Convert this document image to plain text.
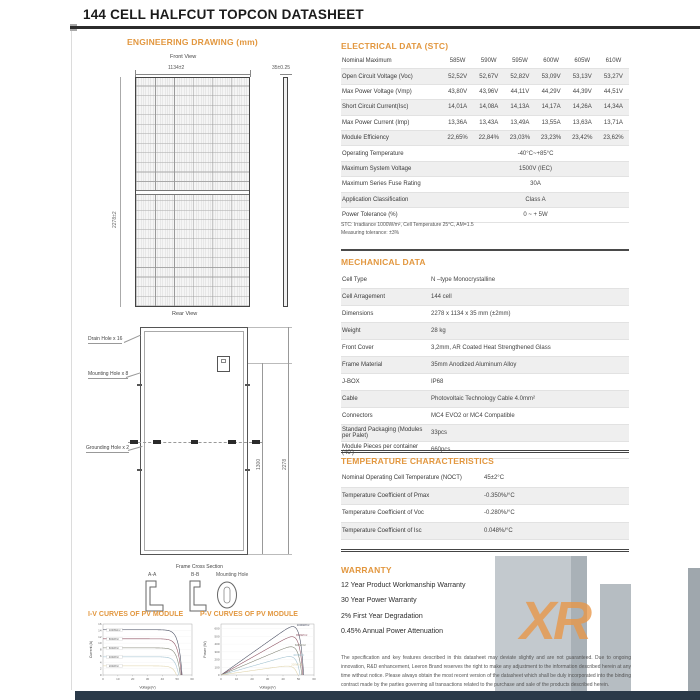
XR
144 CELL HALFCUT TOPCON DATASHEET
ENGINEERING DRAWING (mm)
Front View
1134±2	35±0.25
2278±2
Rear View
Drain Hole x 16
Mounting Hole x 8
Grounding Hole x 2
1300	2278
Frame Cross Section
A-A	B-B	Mounting Hole
I-V CURVES OF PV MODULE P-V CURVES OF PV MODULE
0
2
4
6
8
10
12
14
16
0 10 20 30 40 50 60
Voltage(V)
Current (A)
1000W/m²
800W/m²
600W/m²
400W/m²
200W/m²
0
100
200
300
400
500
600
0 10 20 30 40 50 60
Voltage(V)
Power (W)
1000W/m²
800W/m²
600W/m²
400W/m²
200W/m²
ELECTRICAL DATA (STC)
Nominal Maximum	585W	590W	595W	600W	605W	610W
Open Circuit Voltage (Voc)	52,52V	52,67V	52,82V	53,09V	53,13V	53,27V
Max Power Voltage (Vmp)	43,80V	43,96V	44,11V	44,29V	44,39V	44,51V
Short Circuit Current(Isc)	14,01A	14,08A	14,13A	14,17A	14,26A	14,34A
Max Power Current (Imp)	13,36A	13,43A	13,49A	13,55A	13,63A	13,71A
Module Efficiency	22,65%	22,84%	23,03%	23,23%	23,42%	23,62%
Operating Temperature	-40°C~+85°C
Maximum System Voltage	1500V (IEC)
Maximum Series Fuse Rating	30A
Application Classification	Class A
Power Tolerance (%)	0 ~ + 5W
STC: Irradiance 1000W/m², Cell Temperature 25°C, AM=1.5
Measuring tolerance: ±3%
MECHANICAL DATA
Cell Type	N –type Monocrystalline
Cell Arragement	144 cell
Dimensions	2278 x 1134 x 35 mm (±2mm)
Weight	28 kg
Front Cover	3,2mm, AR Coated Heat Strengthened Glass
Frame Material	35mm Anodized Aluminum Alloy
J-BOX	IP68
Cable	Photovoltaic Technology Cable 4.0mm²
Connectors	MC4 EVO2 or MC4 Compatible
Standard Packaging (Modules per Palet)	33pcs
Module Pieces per container (40')	660pcs
TEMPERATURE CHARACTERISTICS
Nominal Operating Cell Temperature (NOCT)	45±2°C
Temperature Coefficient of Pmax	-0.350%/°C
Temperature Coefficient of Voc	-0.280%/°C
Temperature Coefficient of Isc	0.048%/°C
WARRANTY
12 Year Product Workmanship Warranty
30 Year Power Warranty
2% First Year Degradation
0.45% Annual Power Attenuation
The specification and key features described in this datasheet may deviate slightly and are not guaranteed. Due to ongoing innovation, R&D enhancement, Leeron Brand reserves the right to make any adjustment to the information described herein at any time without notice. Please always obtain the most recent version of the datasheet which shall be duly incorporated into the binding contract made by the parties governing all transactions related to the purchase and sale of the products described herein.
